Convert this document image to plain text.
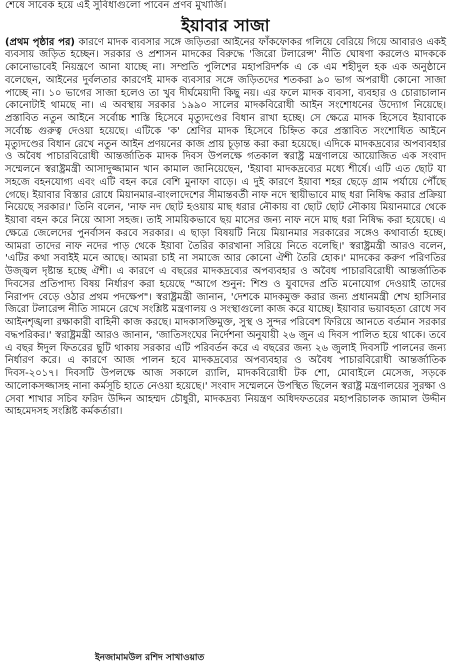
শেষে সাবেক হয়ে এই সুবিধাগুলো পাবেন প্রণব মুখার্জি।
ইয়াবার সাজা

(প্রথম পৃষ্ঠার পর) কারণে মাদক ব্যবসার সঙ্গে জড়িতরা আইনের ফাঁকফোকর গলিয়ে বেরিয়ে গিয়ে আবারও একই ব্যবসায় জড়িত হচ্ছেন। সরকার ও প্রশাসন মাদকের বিরুদ্ধে 'জিরো টলারেন্স' নীতি ঘোষণা করলেও মাদককে কোনোভাবেই নিয়ন্ত্রণে আনা যাচ্ছে না। সম্প্রতি পুলিশের মহাপরিদর্শক এ কে এম শহীদুল হক এক অনুষ্ঠানে বলেছেন, আইনের দুর্বলতার কারণেই মাদক ব্যবসার সঙ্গে জড়িতদের শতকরা ৯০ ভাগ অপরাধী কোনো সাজা পাচ্ছে না। ১০ ভাগের সাজা হলেও তা খুব দীর্ঘমেয়াদী কিছু নয়। এর ফলে মাদক ব্যবসা, ব্যবহার ও চোরাচালান কোনোটাই থামছে না। এ অবস্থায় সরকার ১৯৯০ সালের মাদকবিরোধী আইন সংশোধনের উদ্যোগ নিয়েছে। প্রস্তাবিত নতুন আইনে সর্বোচ্চ শাস্তি হিসেবে মৃত্যুদণ্ডের বিধান রাখা হচ্ছে। সে ক্ষেত্রে মাদক হিসেবে ইয়াবাকে সর্বোচ্চ গুরুত্ব দেওয়া হয়েছে। এটিকে 'ক' শ্রেণির মাদক হিসেবে চিহ্নিত করে প্রস্তাবিত সংশোধিত আইনে মৃত্যুদণ্ডের বিধান রেখে নতুন আইন প্রণয়নের কাজ প্রায় চূড়ান্ত করা করা হয়েছে। এদিকে মাদকদ্রব্যের অপব্যবহার ও অবৈধ পাচারবিরোধী আন্তর্জাতিক মাদক দিবস উপলক্ষে গতকাল স্বরাষ্ট্র মন্ত্রণালয়ে আয়োজিত এক সংবাদ সম্মেলনে স্বরাষ্ট্রমন্ত্রী আসাদুজ্জামান খান কামাল জানিয়েছেন, 'ইয়াবা মাদকদ্রব্যের মধ্যে শীর্ষে। এটি এত ছোট যা সহজে বহনযোগ্য এবং এটি বহন করে বেশি মুনাফা বাড়ে। এ দুই কারণে ইয়াবা শহর ছেড়ে গ্রাম পর্যায়ে পৌঁছে গেছে। ইয়াবার বিস্তার রোধে মিয়ানমার-বাংলাদেশের সীমান্তবর্তী নাফ নদে স্থায়ীভাবে মাছ ধরা নিষিদ্ধ করার প্রক্রিয়া নিয়েছে সরকার।' তিনি বলেন, 'নাফ নদ ছোট হওয়ায় মাছ ধরার নৌকায় বা ছোট ছোট নৌকায় মিয়ানমারে থেকে ইয়াবা বহন করে নিয়ে আসা সহজ। তাই সাময়িকভাবে ছয় মাসের জন্য নাফ নদে মাছ ধরা নিষিদ্ধ করা হয়েছে। এ ক্ষেত্রে জেলেদের পুনর্বাসন করবে সরকার। এ ছাড়া বিষয়টি নিয়ে মিয়ানমার সরকারের সঙ্গেও কথাবার্তা হচ্ছে। আমরা তাদের নাফ নদের পাড় থেকে ইয়াবা তৈরির কারখানা সরিয়ে নিতে বলেছি।' স্বরাষ্ট্রমন্ত্রী আরও বলেন, 'এটির কথা সবাইই মনে আছে। আমরা চাই না সমাজে আর কোনো ঐশী তৈরি হোক।' মাদকের করুণ পরিণতির উজ্জ্বল দৃষ্টান্ত হচ্ছে ঐশী। এ কারণে এ বছরের মাদকদ্রব্যের অপব্যবহার ও অবৈধ পাচারবিরোধী আন্তর্জাতিক দিবসের প্রতিপাদ্য বিষয় নির্ধারণ করা হয়েছে "আগে শুনুন: শিশু ও যুবাদের প্রতি মনোযোগ দেওয়াই তাদের নিরাপদ বেড়ে ওঠার প্রথম পদক্ষেপ"। স্বরাষ্ট্রমন্ত্রী জানান, 'দেশকে মাদকমুক্ত করার জন্য প্রধানমন্ত্রী শেখ হাসিনার জিরো টলারেন্স নীতি সামনে রেখে সংশ্লিষ্ট মন্ত্রণালয় ও সংস্থাগুলো কাজ করে যাচ্ছে। ইয়াবার ভয়াবহতা রোধে সব আইনশৃঙ্খলা রক্ষাকারী বাহিনী কাজ করছে। মাদকাসক্তিমুক্ত, সুস্থ ও সুন্দর পরিবেশ ফিরিয়ে আনতে বর্তমান সরকার বদ্ধপরিকর।' স্বরাষ্ট্রমন্ত্রী আরও জানান, 'জাতিসংঘের নির্দেশনা অনুযায়ী ২৬ জুন এ দিবস পালিত হয়ে থাকে। তবে এ বছর ঈদুল ফিতরের ছুটি থাকায় সরকার এটি পরিবর্তন করে এ বছরের জন্য ২৬ জুলাই দিবসটি পালনের জন্য নির্ধারণ করে। এ কারণে আজ পালন হবে মাদকদ্রব্যের অপব্যবহার ও অবৈধ পাচারবিরোধী আন্তর্জাতিক দিবস-২০১৭। দিবসটি উপলক্ষে আজ সকালে র‌্যালি, মাদকবিরোধী টক শো, মোবাইলে মেসেজ, সড়কে আলোকসজ্জাসহ নানা কর্মসূচি হাতে নেওয়া হয়েছে।' সংবাদ সম্মেলনে উপস্থিত ছিলেন স্বরাষ্ট্র মন্ত্রণালয়ের সুরক্ষা ও সেবা শাখার সচিব ফরিদ উদ্দিন আহম্মদ চৌধুরী, মাদকদ্রব্য নিয়ন্ত্রণ অধিদফতরের মহাপরিচালক জামাল উদ্দীন আহমেদসহ সংশ্লিষ্ট কর্মকর্তারা।

ইনজামামউল রশিদ সাখাওয়াত
